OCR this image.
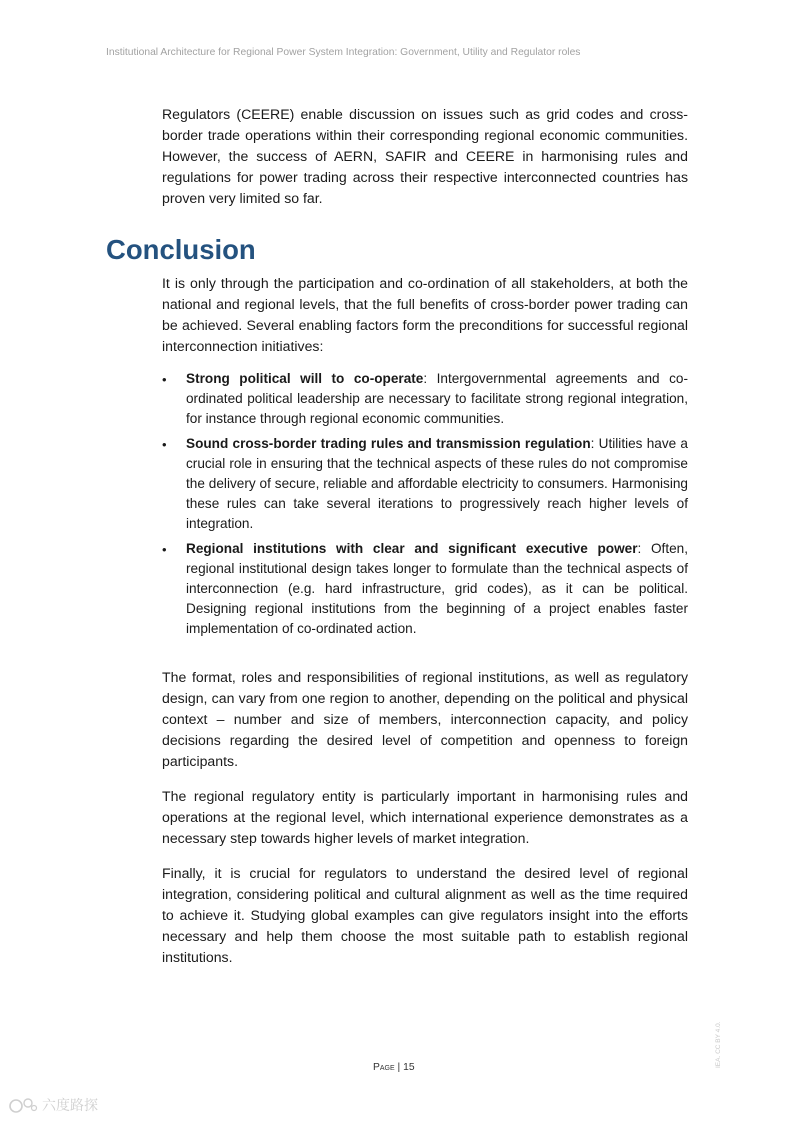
Institutional Architecture for Regional Power System Integration: Government, Utility and Regulator roles

Regulators (CEERE) enable discussion on issues such as grid codes and cross-border trade operations within their corresponding regional economic communities. However, the success of AERN, SAFIR and CEERE in harmonising rules and regulations for power trading across their respective interconnected countries has proven very limited so far.

Conclusion

It is only through the participation and co-ordination of all stakeholders, at both the national and regional levels, that the full benefits of cross-border power trading can be achieved. Several enabling factors form the preconditions for successful regional interconnection initiatives:

• Strong political will to co-operate: Intergovernmental agreements and co-ordinated political leadership are necessary to facilitate strong regional integration, for instance through regional economic communities.
• Sound cross-border trading rules and transmission regulation: Utilities have a crucial role in ensuring that the technical aspects of these rules do not compromise the delivery of secure, reliable and affordable electricity to consumers. Harmonising these rules can take several iterations to progressively reach higher levels of integration.
• Regional institutions with clear and significant executive power: Often, regional institutional design takes longer to formulate than the technical aspects of interconnection (e.g. hard infrastructure, grid codes), as it can be political. Designing regional institutions from the beginning of a project enables faster implementation of co-ordinated action.

The format, roles and responsibilities of regional institutions, as well as regulatory design, can vary from one region to another, depending on the political and physical context – number and size of members, interconnection capacity, and policy decisions regarding the desired level of competition and openness to foreign participants.

The regional regulatory entity is particularly important in harmonising rules and operations at the regional level, which international experience demonstrates as a necessary step towards higher levels of market integration.

Finally, it is crucial for regulators to understand the desired level of regional integration, considering political and cultural alignment as well as the time required to achieve it. Studying global examples can give regulators insight into the efforts necessary and help them choose the most suitable path to establish regional institutions.

IEA. CC BY 4.0.
Page | 15
六度路探
